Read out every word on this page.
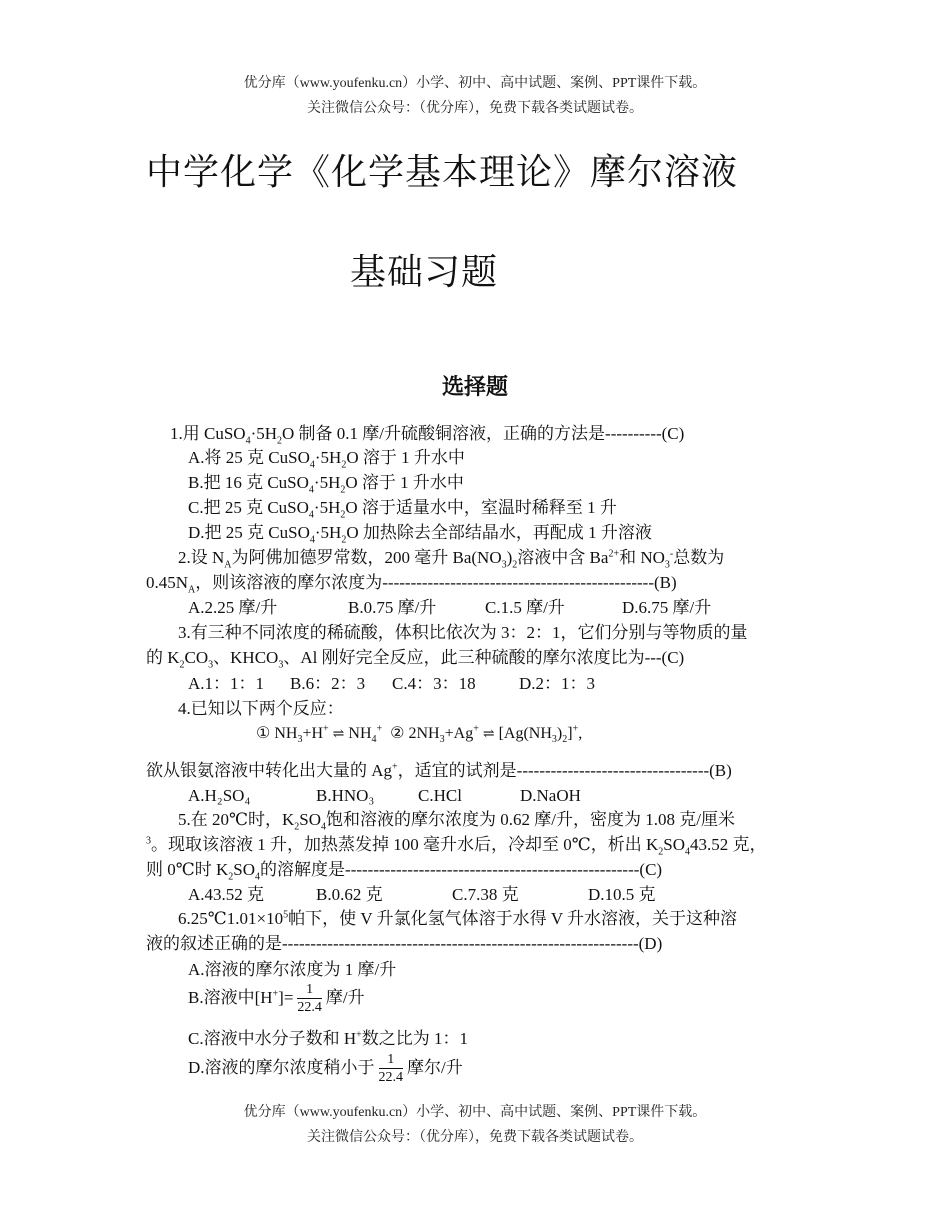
优分库（www.youfenku.cn）小学、初中、高中试题、案例、PPT课件下载。
关注微信公众号：（优分库），免费下载各类试题试卷。
中学化学《化学基本理论》摩尔溶液
基础习题
选择题
1.用 $CuSO_4\cdot 5H_2O$ 制备 0.1 摩/升硫酸铜溶液，正确的方法是----------(C)
A.将 25 克 $CuSO_4\cdot 5H_2O$ 溶于 1 升水中
B.把 16 克 $CuSO_4\cdot 5H_2O$ 溶于 1 升水中
C.把 25 克 $CuSO_4\cdot 5H_2O$ 溶于适量水中，室温时稀释至 1 升
D.把 25 克 $CuSO_4\cdot 5H_2O$ 加热除去全部结晶水，再配成 1 升溶液
2.设 $N_A$为阿佛加德罗常数，200 毫升 $Ba(NO_3)_2$溶液中含 $Ba^{2+}$和 $NO_3^-$总数为
$0.45N_A$，则该溶液的摩尔浓度为------------------------------------------------(B)
A.2.25 摩/升	B.0.75 摩/升	C.1.5 摩/升	D.6.75 摩/升
3.有三种不同浓度的稀硫酸，体积比依次为 3：2：1，它们分别与等物质的量
的 $K_2CO_3$、$KHCO_3$、Al 刚好完全反应，此三种硫酸的摩尔浓度比为---(C)
A.1：1：1 B.6：2：3 C.4：3：18	D.2：1：3
4.已知以下两个反应：
① $NH_3+H^+$ ⇌ $NH_4^+$ ② $2NH_3+Ag^+$ ⇌ $[Ag(NH_3)_2]^+$,
欲从银氨溶液中转化出大量的 Ag+，适宜的试剂是----------------------------------(B)
A.H₂SO₄	B.HNO₃	C.HCl	D.NaOH
5.在 20℃时，$K_2SO_4$饱和溶液的摩尔浓度为 0.62 摩/升，密度为 1.08 克/厘米
$^3$。现取该溶液 1 升，加热蒸发掉 100 毫升水后，冷却至 0℃，析出 $K_2SO_443.52$ 克，
则 0℃时 $K_2SO_4$的溶解度是----------------------------------------------------(C)
A.43.52 克	B.0.62 克	C.7.38 克	D.10.5 克
$6.25℃1.01\times 10^5$帕下，使 V 升氯化氢气体溶于水得 V 升水溶液，关于这种溶
液的叙述正确的是---------------------------------------------------------------(D)
A.溶液的摩尔浓度为 1 摩/升
B.溶液中$[H^+]= \frac{1}{22.4}$ 摩/升
C.溶液中水分子数和 H+数之比为 1：1
D.溶液的摩尔浓度稍小于 $\frac{1}{22.4}$ 摩尔/升
优分库（www.youfenku.cn）小学、初中、高中试题、案例、PPT课件下载。
关注微信公众号：（优分库），免费下载各类试题试卷。
